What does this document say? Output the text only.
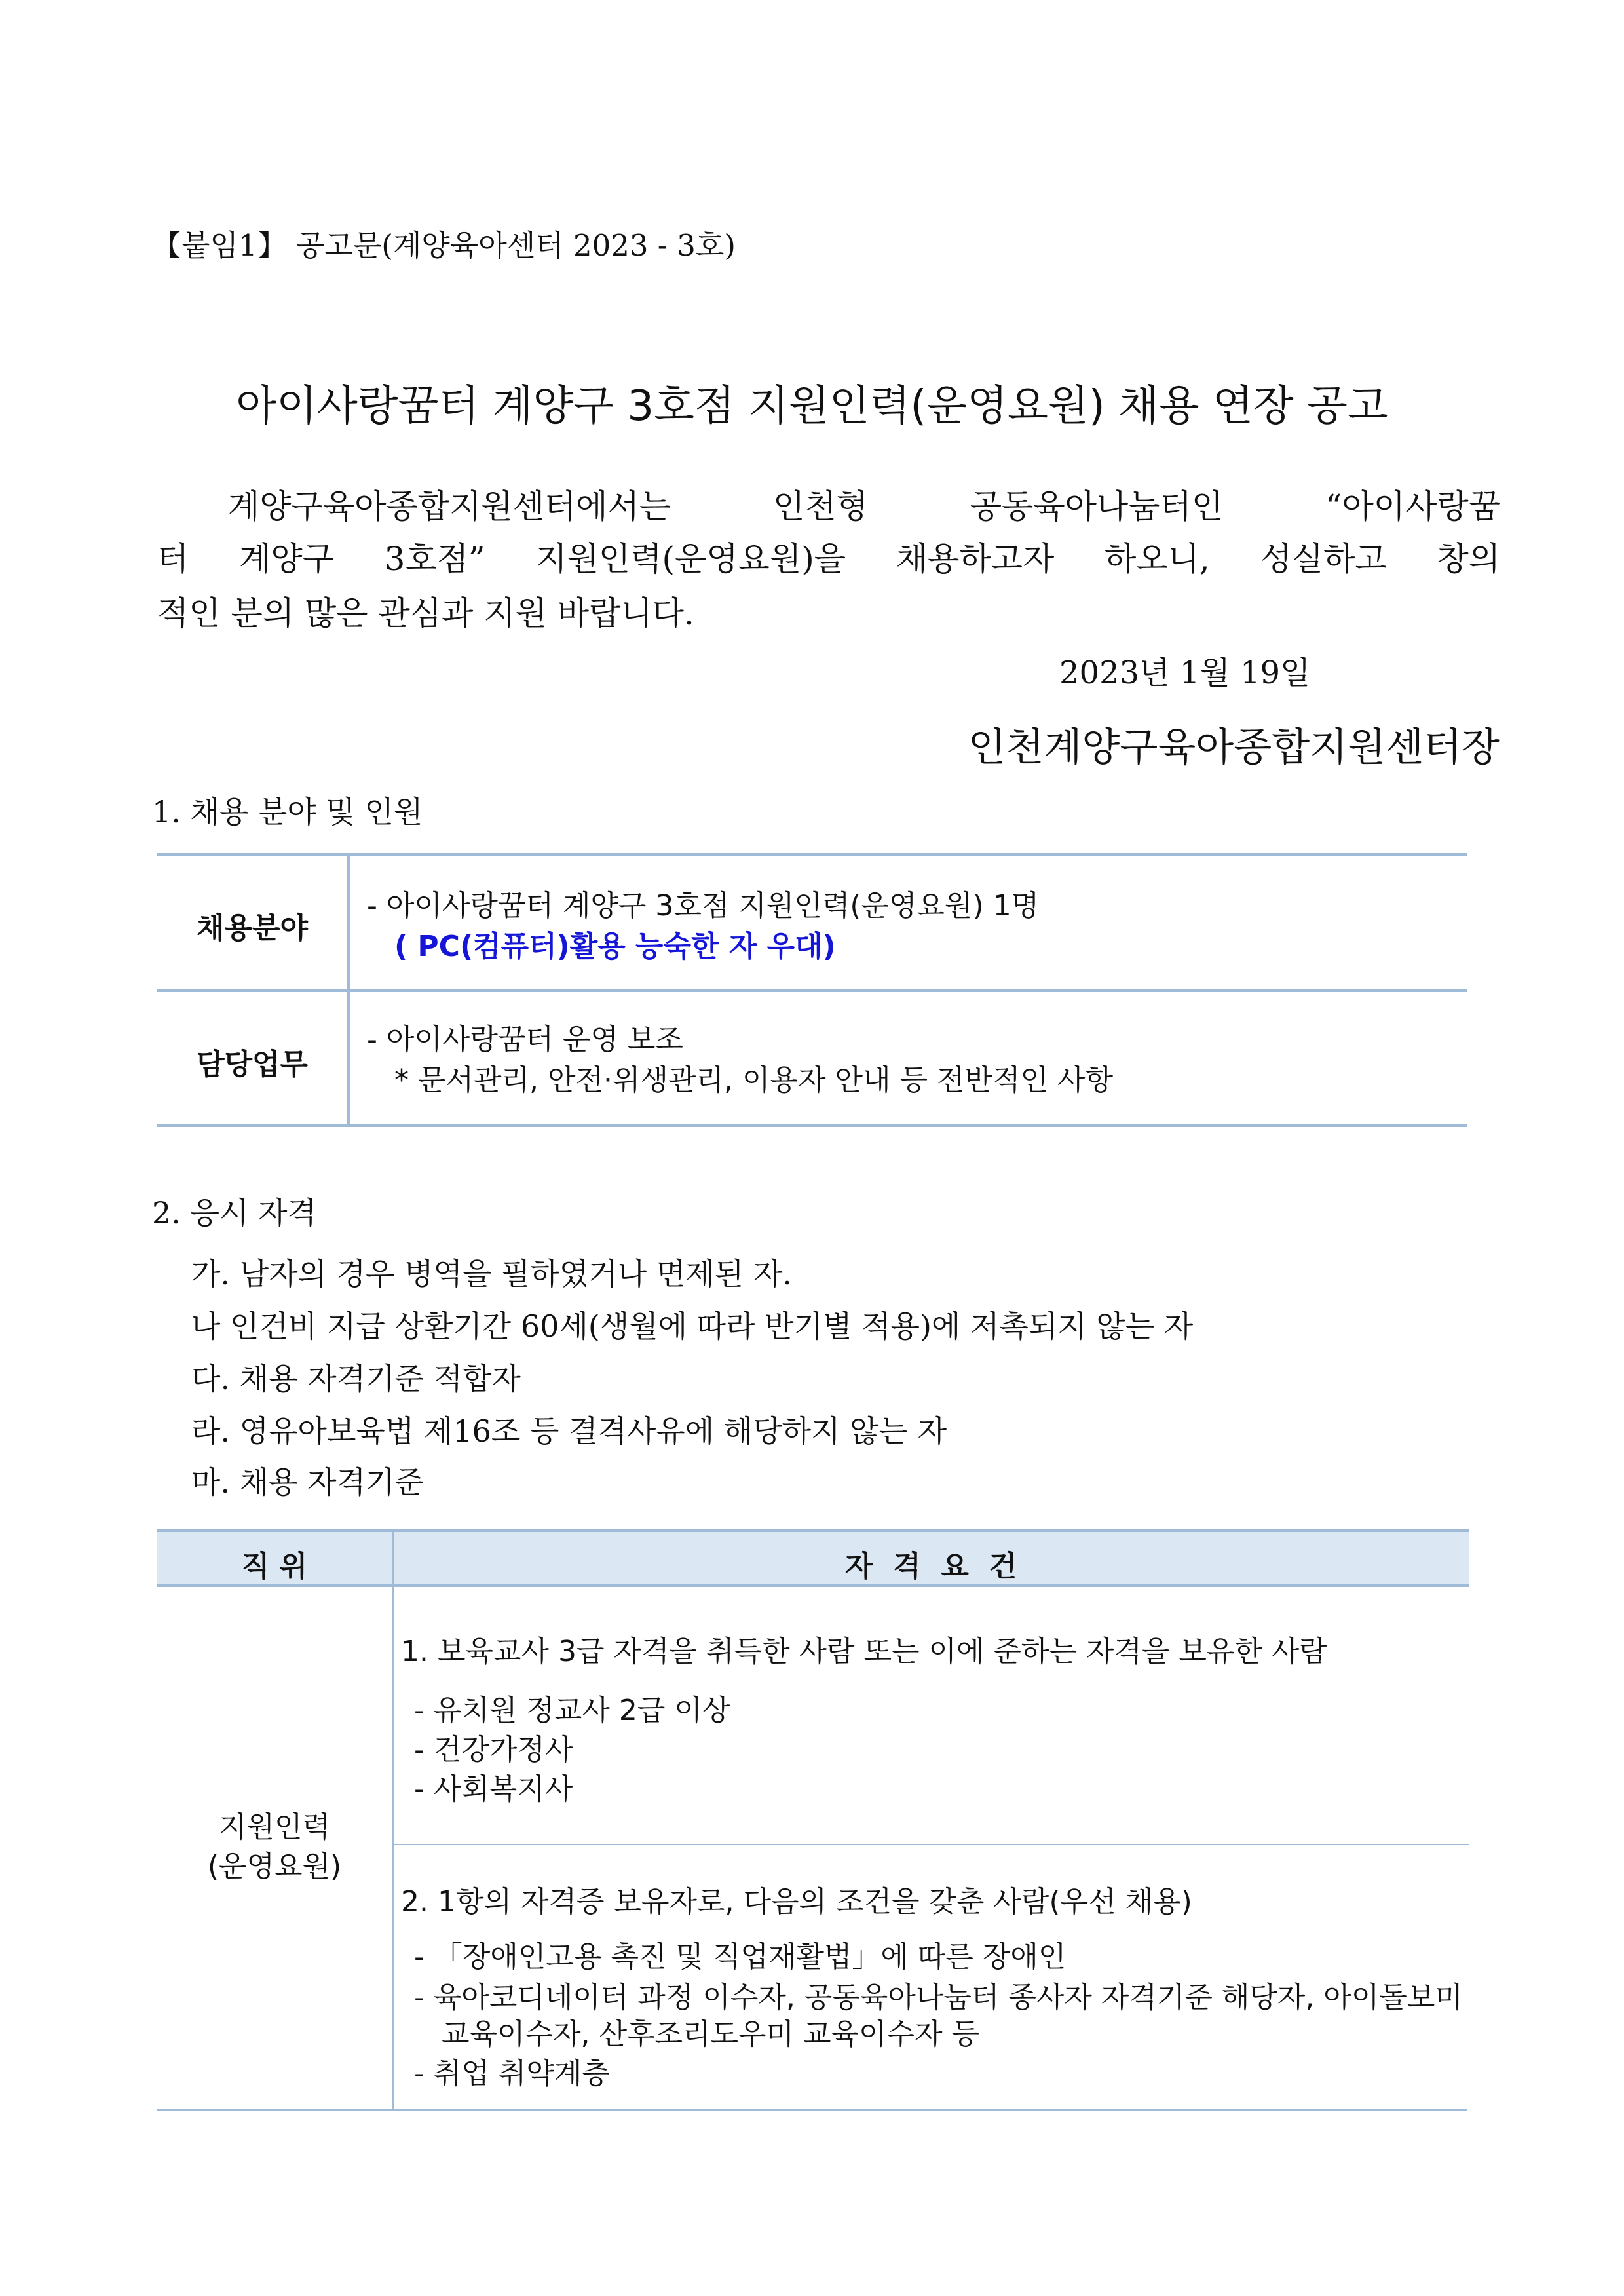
【붙임1】 공고문(계양육아센터 2023 - 3호)
아이사랑꿈터 계양구 3호점 지원인력(운영요원) 채용 연장 공고
계양구육아종합지원센터에서는 인천형 공동육아나눔터인 “아이사랑꿈
터 계양구 3호점” 지원인력(운영요원)을 채용하고자 하오니, 성실하고 창의
적인 분의 많은 관심과 지원 바랍니다.
2023년 1월 19일
인천계양구육아종합지원센터장
1. 채용 분야 및 인원
채용분야
- 아이사랑꿈터 계양구 3호점 지원인력(운영요원) 1명
( PC(컴퓨터)활용 능숙한 자 우대)
담당업무
- 아이사랑꿈터 운영 보조
* 문서관리, 안전·위생관리, 이용자 안내 등 전반적인 사항
2. 응시 자격
가. 남자의 경우 병역을 필하였거나 면제된 자.
나 인건비 지급 상환기간 60세(생월에 따라 반기별 적용)에 저촉되지 않는 자
다. 채용 자격기준 적합자
라. 영유아보육법 제16조 등 결격사유에 해당하지 않는 자
마. 채용 자격기준
직 위	자  격  요  건
지원인력
(운영요원)
1. 보육교사 3급 자격을 취득한 사람 또는 이에 준하는 자격을 보유한 사람
- 유치원 정교사 2급 이상
- 건강가정사
- 사회복지사
2. 1항의 자격증 보유자로, 다음의 조건을 갖춘 사람(우선 채용)
- 「장애인고용 촉진 및 직업재활법」에 따른 장애인
- 육아코디네이터 과정 이수자, 공동육아나눔터 종사자 자격기준 해당자, 아이돌보미
교육이수자, 산후조리도우미 교육이수자 등
- 취업 취약계층
